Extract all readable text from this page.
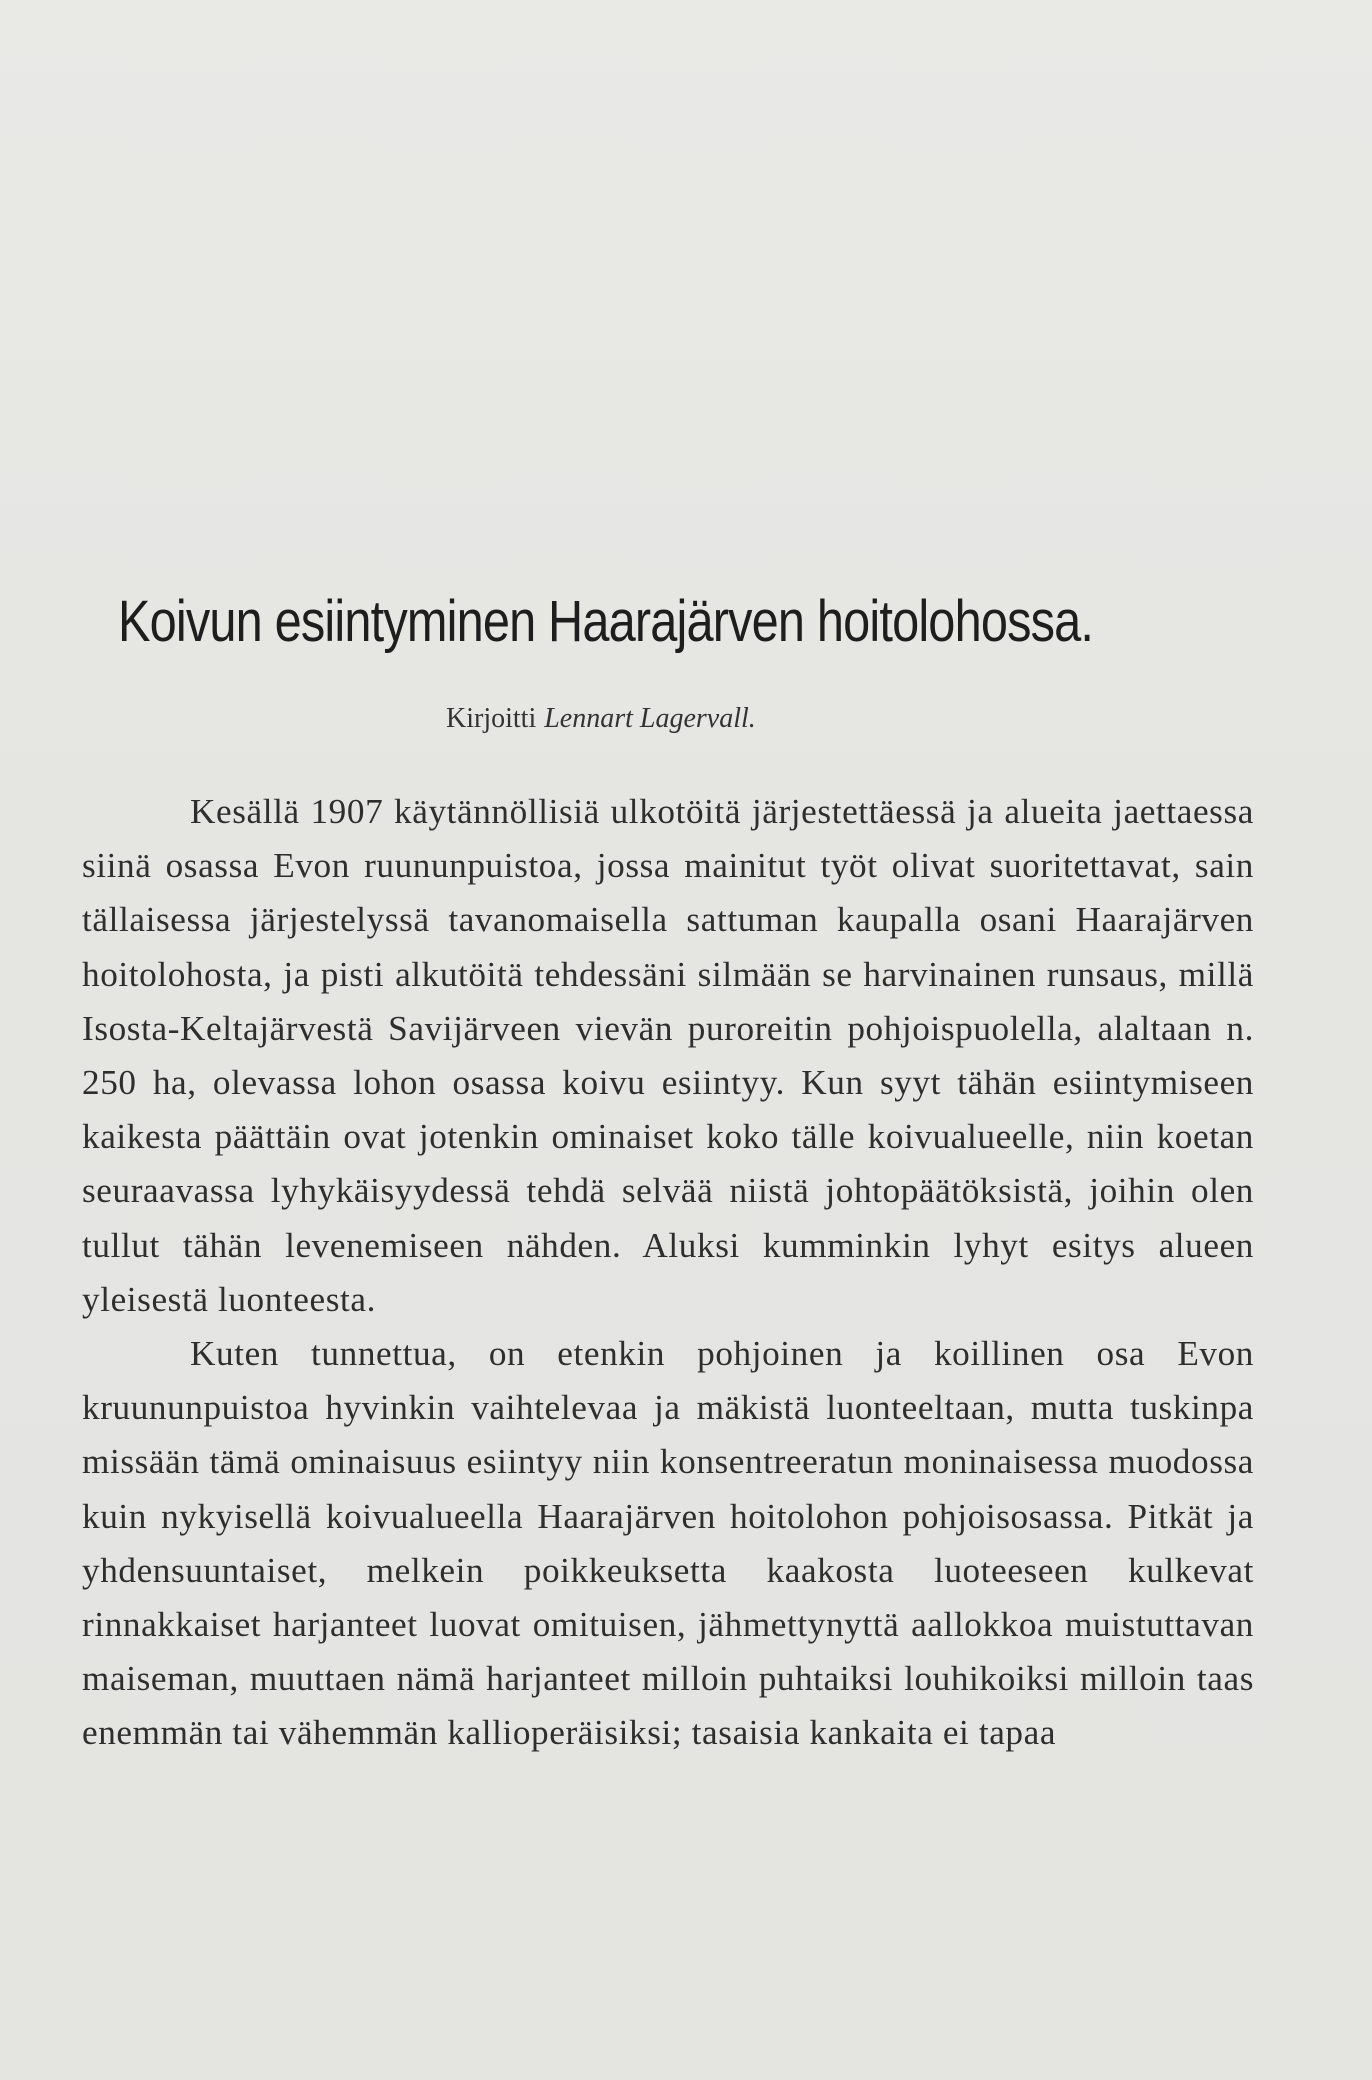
Koivun esiintyminen Haarajärven hoitolohossa.
Kirjoitti Lennart Lagervall.

Kesällä 1907 käytännöllisiä ulkotöitä järjestettäessä ja alueita jaettaessa siinä osassa Evon ruununpuistoa, jossa mainitut työt olivat suoritettavat, sain tällaisessa järjestelyssä tavanomaisella sattuman kaupalla osani Haarajärven hoitolohosta, ja pisti alkutöitä tehdessäni silmään se harvinainen runsaus, millä Isosta-Keltajärvestä Savijärveen vievän puroreitin pohjoispuolella, alaltaan n. 250 ha, olevassa lohon osassa koivu esiintyy. Kun syyt tähän esiintymiseen kaikesta päättäin ovat jotenkin ominaiset koko tälle koivualueelle, niin koetan seuraavassa lyhykäisyydessä tehdä selvää niistä johtopäätöksistä, joihin olen tullut tähän levenemiseen nähden. Aluksi kumminkin lyhyt esitys alueen yleisestä luonteesta.

Kuten tunnettua, on etenkin pohjoinen ja koillinen osa Evon kruununpuistoa hyvinkin vaihtelevaa ja mäkistä luonteeltaan, mutta tuskinpa missään tämä ominaisuus esiintyy niin konsentreeratun moninaisessa muodossa kuin nykyisellä koivualueella Haarajärven hoitolohon pohjoisosassa. Pitkät ja yhdensuuntaiset, melkein poikkeuksetta kaakosta luoteeseen kulkevat rinnakkaiset harjanteet luovat omituisen, jähmettynyttä aallokkoa muistuttavan maiseman, muuttaen nämä harjanteet milloin puhtaiksi louhikoiksi milloin taas enemmän tai vähemmän kallioperäisiksi; tasaisia kankaita ei tapaa
